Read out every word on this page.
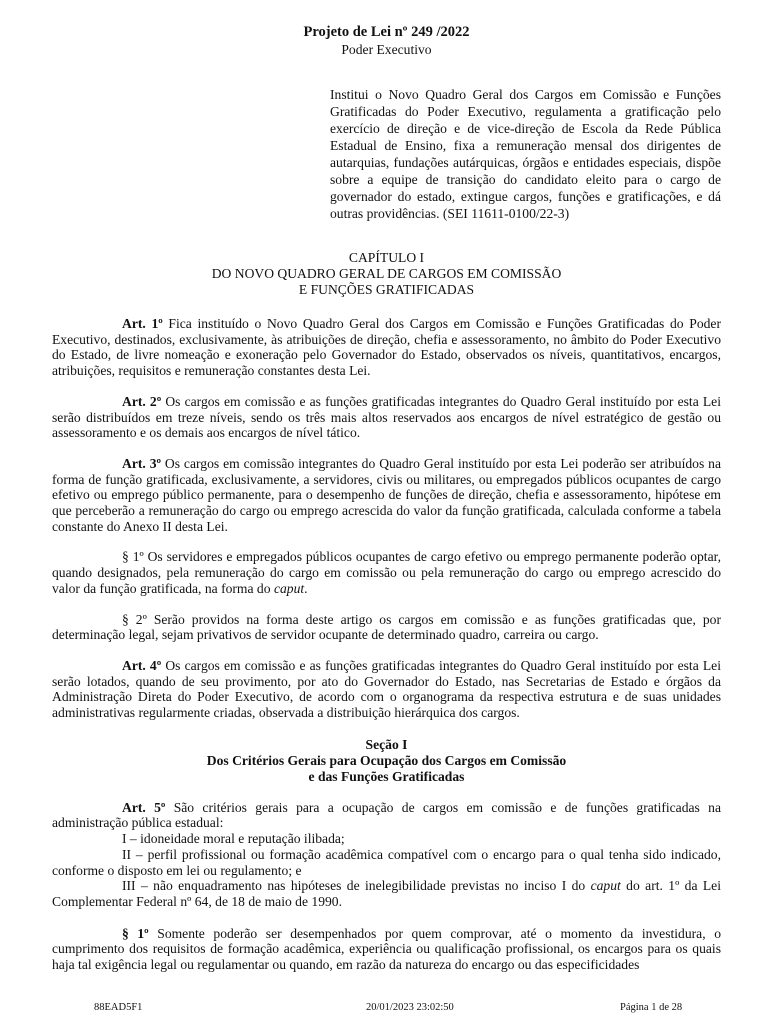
Projeto de Lei nº 249 /2022
Poder Executivo
Institui o Novo Quadro Geral dos Cargos em Comissão e Funções Gratificadas do Poder Executivo, regulamenta a gratificação pelo exercício de direção e de vice-direção de Escola da Rede Pública Estadual de Ensino, fixa a remuneração mensal dos dirigentes de autarquias, fundações autárquicas, órgãos e entidades especiais, dispõe sobre a equipe de transição do candidato eleito para o cargo de governador do estado, extingue cargos, funções e gratificações, e dá outras providências. (SEI 11611-0100/22-3)
CAPÍTULO I
DO NOVO QUADRO GERAL DE CARGOS EM COMISSÃO
E FUNÇÕES GRATIFICADAS

Art. 1º Fica instituído o Novo Quadro Geral dos Cargos em Comissão e Funções Gratificadas do Poder Executivo, destinados, exclusivamente, às atribuições de direção, chefia e assessoramento, no âmbito do Poder Executivo do Estado, de livre nomeação e exoneração pelo Governador do Estado, observados os níveis, quantitativos, encargos, atribuições, requisitos e remuneração constantes desta Lei.

Art. 2º Os cargos em comissão e as funções gratificadas integrantes do Quadro Geral instituído por esta Lei serão distribuídos em treze níveis, sendo os três mais altos reservados aos encargos de nível estratégico de gestão ou assessoramento e os demais aos encargos de nível tático.

Art. 3º Os cargos em comissão integrantes do Quadro Geral instituído por esta Lei poderão ser atribuídos na forma de função gratificada, exclusivamente, a servidores, civis ou militares, ou empregados públicos ocupantes de cargo efetivo ou emprego público permanente, para o desempenho de funções de direção, chefia e assessoramento, hipótese em que perceberão a remuneração do cargo ou emprego acrescida do valor da função gratificada, calculada conforme a tabela constante do Anexo II desta Lei.

§ 1º Os servidores e empregados públicos ocupantes de cargo efetivo ou emprego permanente poderão optar, quando designados, pela remuneração do cargo em comissão ou pela remuneração do cargo ou emprego acrescido do valor da função gratificada, na forma do caput.

§ 2º Serão providos na forma deste artigo os cargos em comissão e as funções gratificadas que, por determinação legal, sejam privativos de servidor ocupante de determinado quadro, carreira ou cargo.

Art. 4º Os cargos em comissão e as funções gratificadas integrantes do Quadro Geral instituído por esta Lei serão lotados, quando de seu provimento, por ato do Governador do Estado, nas Secretarias de Estado e órgãos da Administração Direta do Poder Executivo, de acordo com o organograma da respectiva estrutura e de suas unidades administrativas regularmente criadas, observada a distribuição hierárquica dos cargos.

Seção I
Dos Critérios Gerais para Ocupação dos Cargos em Comissão
e das Funções Gratificadas

Art. 5º São critérios gerais para a ocupação de cargos em comissão e de funções gratificadas na administração pública estadual:

I – idoneidade moral e reputação ilibada;

II – perfil profissional ou formação acadêmica compatível com o encargo para o qual tenha sido indicado, conforme o disposto em lei ou regulamento; e

III – não enquadramento nas hipóteses de inelegibilidade previstas no inciso I do caput do art. 1º da Lei Complementar Federal nº 64, de 18 de maio de 1990.

§ 1º Somente poderão ser desempenhados por quem comprovar, até o momento da investidura, o cumprimento dos requisitos de formação acadêmica, experiência ou qualificação profissional, os encargos para os quais haja tal exigência legal ou regulamentar ou quando, em razão da natureza do encargo ou das especificidades

88EAD5F1	20/01/2023 23:02:50	Página 1 de 28
